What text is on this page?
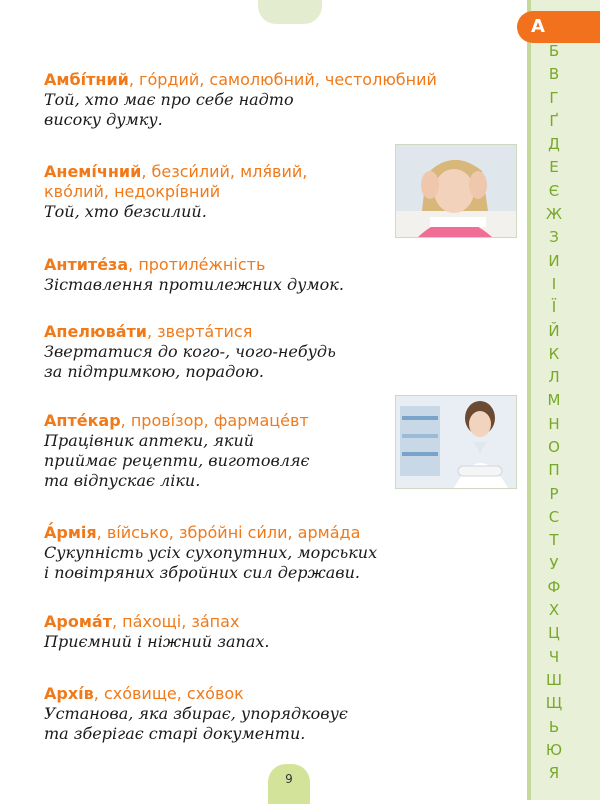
А
Б
В
Г
Ґ
Д
Е
Є
Ж
З
И
І
Ї
Й
К
Л
М
Н
О
П
Р
С
Т
У
Ф
Х
Ц
Ч
Ш
Щ
Ь
Ю
Я
Амбі́тний, го́рдий, самолюбний, честолюбний
Той, хто має про себе надто
високу думку.
Анемі́чний, безси́лий, мля́вий,
кво́лий, недокрі́вний
Той, хто безсилий.
Антите́за, протиле́жність
Зіставлення протилежних думок.
Апелюва́ти, зверта́тися
Звертатися до кого-, чого-небудь
за підтримкою, порадою.
Апте́кар, прові́зор, фармаце́вт
Працівник аптеки, який
приймає рецепти, виготовляє
та відпускає ліки.
А́рмія, ві́йсько, збро́йні си́ли, арма́да
Сукупність усіх сухопутних, морських
і повітряних збройних сил держави.
Арома́т, па́хощі, за́пах
Приємний і ніжний запах.
Архі́в, схо́вище, схо́вок
Установа, яка збирає, упорядковує
та зберігає старі документи.
9
